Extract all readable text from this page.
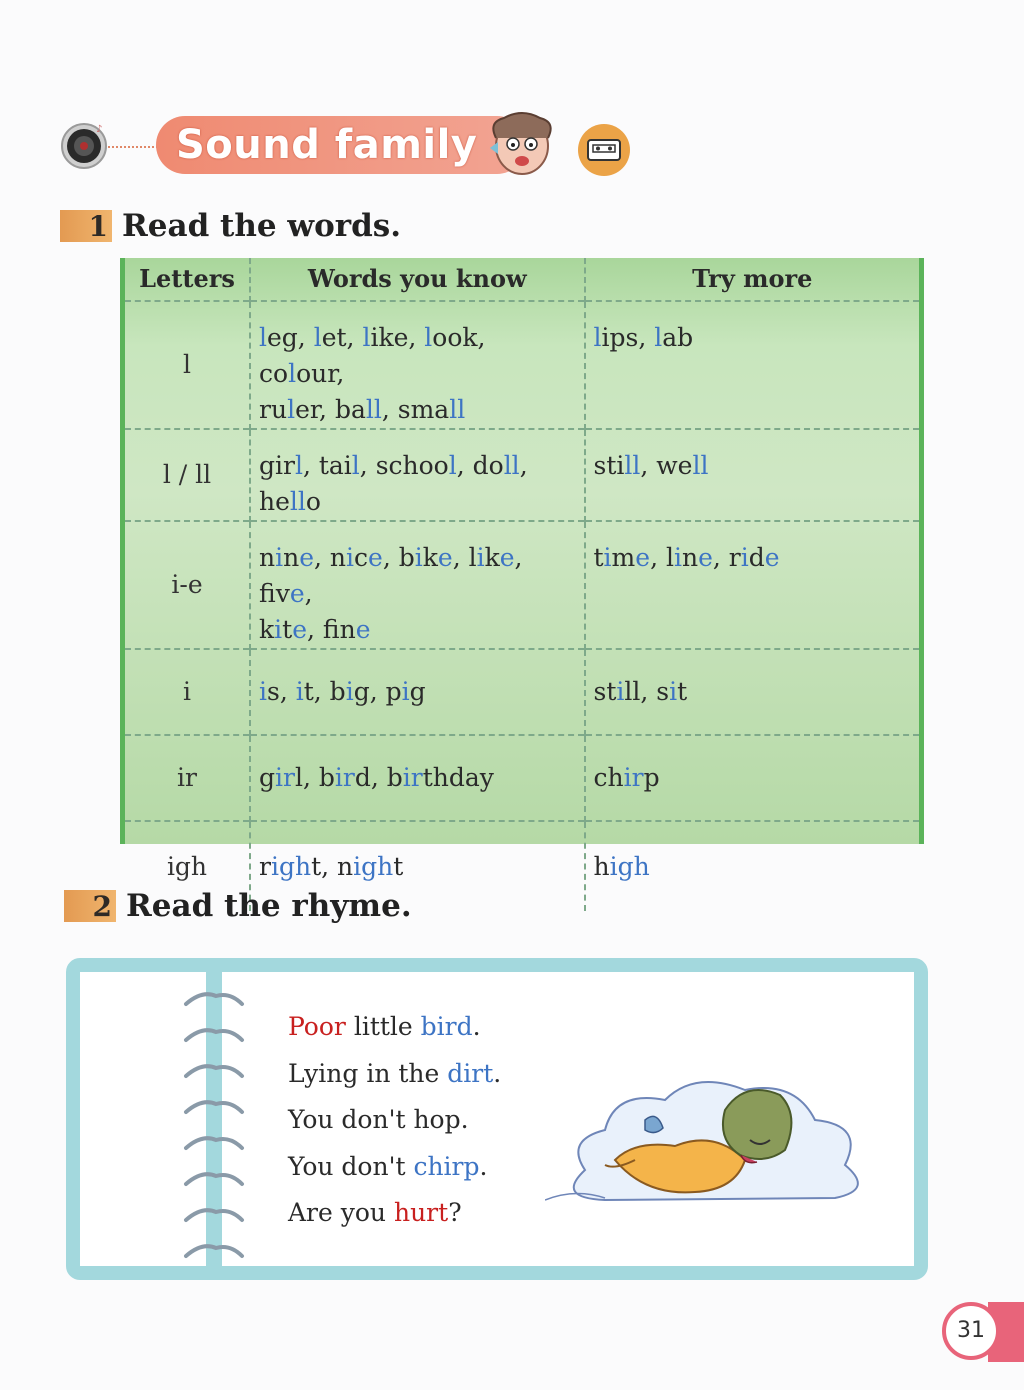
♪ Sound family
1 Read the words.
Letters	Words you know	Try more
l	leg, let, like, look, colour,
ruler, ball, small	lips, lab
l / ll	girl, tail, school, doll,
hello	still, well
i-e	nine, nice, bike, like, fve,
kite, fne	time, line, ride
i	is, it, big, pig	still, sit
ir	girl, bird, birthday	chirp
igh	right, night	high
2 Read the rhyme.
Poor little bird.
Lying in the dirt.
You don't hop.
You don't chirp.
Are you hurt?
31
